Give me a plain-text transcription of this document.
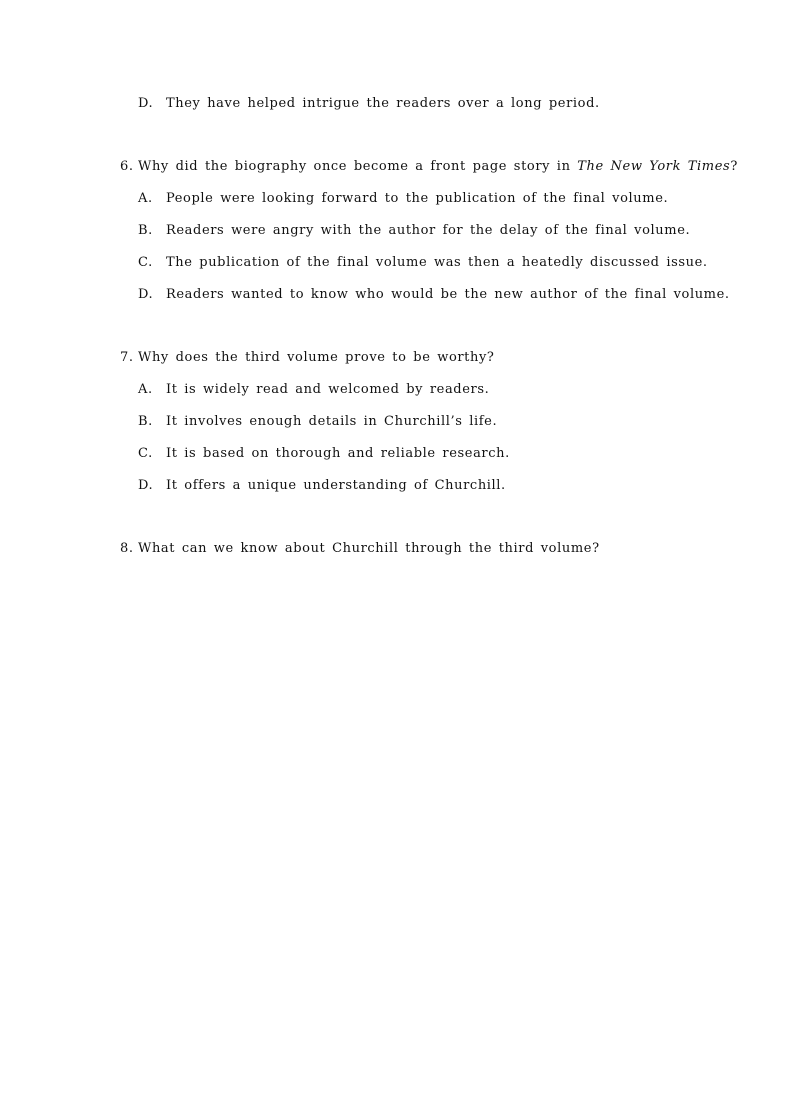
D. They have helped intrigue the readers over a long period.
6. Why did the biography once become a front page story in The New York Times?
A. People were looking forward to the publication of the final volume.
B. Readers were angry with the author for the delay of the final volume.
C. The publication of the final volume was then a heatedly discussed issue.
D. Readers wanted to know who would be the new author of the final volume.
7. Why does the third volume prove to be worthy?
A. It is widely read and welcomed by readers.
B. It involves enough details in Churchill’s life.
C. It is based on thorough and reliable research.
D. It offers a unique understanding of Churchill.
8. What can we know about Churchill through the third volume?
